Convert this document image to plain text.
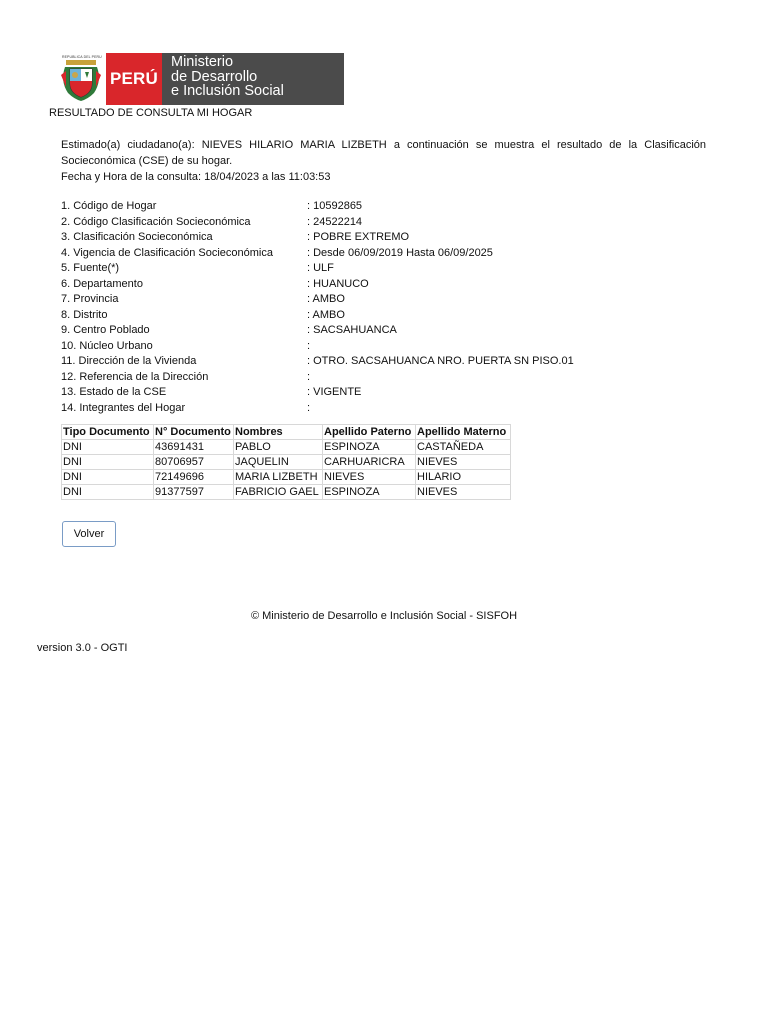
REPUBLICA DEL PERU
PERÚ
Ministerio
de Desarrollo
e Inclusión Social
RESULTADO DE CONSULTA MI HOGAR

Estimado(a) ciudadano(a): NIEVES HILARIO MARIA LIZBETH a continuación se muestra el resultado de la Clasificación Socieconómica (CSE) de su hogar.

Fecha y Hora de la consulta: 18/04/2023 a las 11:03:53

1. Código de Hogar	: 10592865
2. Código Clasificación Socieconómica	: 24522214
3. Clasificación Socieconómica	: POBRE EXTREMO
4. Vigencia de Clasificación Socieconómica	: Desde 06/09/2019 Hasta 06/09/2025
5. Fuente(*)	: ULF
6. Departamento	: HUANUCO
7. Provincia	: AMBO
8. Distrito	: AMBO
9. Centro Poblado	: SACSAHUANCA
10. Núcleo Urbano	:
11. Dirección de la Vivienda	: OTRO. SACSAHUANCA NRO. PUERTA SN PISO.01
12. Referencia de la Dirección	:
13. Estado de la CSE	: VIGENTE
14. Integrantes del Hogar	:
Tipo Documento	N° Documento	Nombres	Apellido Paterno	Apellido Materno
DNI	43691431	PABLO	ESPINOZA	CASTAÑEDA
DNI	80706957	JAQUELIN	CARHUARICRA	NIEVES
DNI	72149696	MARIA LIZBETH	NIEVES	HILARIO
DNI	91377597	FABRICIO GAEL	ESPINOZA	NIEVES
Volver
© Ministerio de Desarrollo e Inclusión Social - SISFOH
version 3.0 - OGTI
